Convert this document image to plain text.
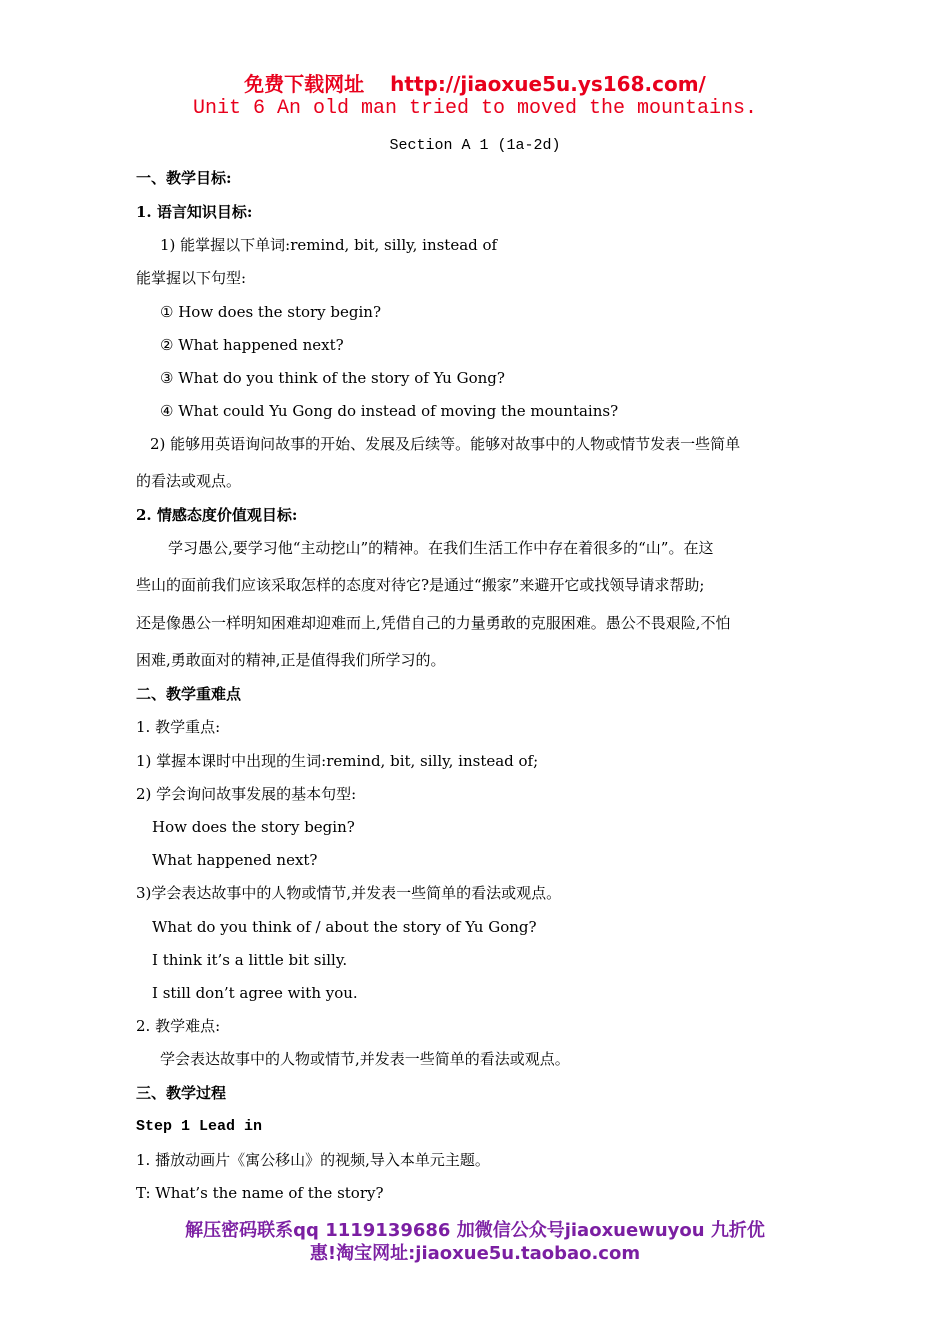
免费下载网址 http://jiaoxue5u.ys168.com/
Unit 6 An old man tried to moved the mountains.
Section A 1 (1a-2d)
一、教学目标:
1. 语言知识目标:
1) 能掌握以下单词:remind, bit, silly, instead of
能掌握以下句型:
① How does the story begin?
② What happened next?
③ What do you think of the story of Yu Gong?
④ What could Yu Gong do instead of moving the mountains?
2) 能够用英语询问故事的开始、发展及后续等。能够对故事中的人物或情节发表一些简单
的看法或观点。
2. 情感态度价值观目标:
学习愚公,要学习他“主动挖山”的精神。在我们生活工作中存在着很多的“山”。在这
些山的面前我们应该采取怎样的态度对待它?是通过“搬家”来避开它或找领导请求帮助;
还是像愚公一样明知困难却迎难而上,凭借自己的力量勇敢的克服困难。愚公不畏艰险,不怕
困难,勇敢面对的精神,正是值得我们所学习的。
二、教学重难点
1. 教学重点:
1) 掌握本课时中出现的生词:remind, bit, silly, instead of;
2) 学会询问故事发展的基本句型:
How does the story begin?
What happened next?
3)学会表达故事中的人物或情节,并发表一些简单的看法或观点。
What do you think of / about the story of Yu Gong?
I think it’s a little bit silly.
I still don’t agree with you.
2. 教学难点:
学会表达故事中的人物或情节,并发表一些简单的看法或观点。
三、教学过程
Step 1 Lead in
1. 播放动画片《寓公移山》的视频,导入本单元主题。
T: What’s the name of the story?
解压密码联系qq 1119139686 加微信公众号jiaoxuewuyou 九折优
惠!淘宝网址:jiaoxue5u.taobao.com
